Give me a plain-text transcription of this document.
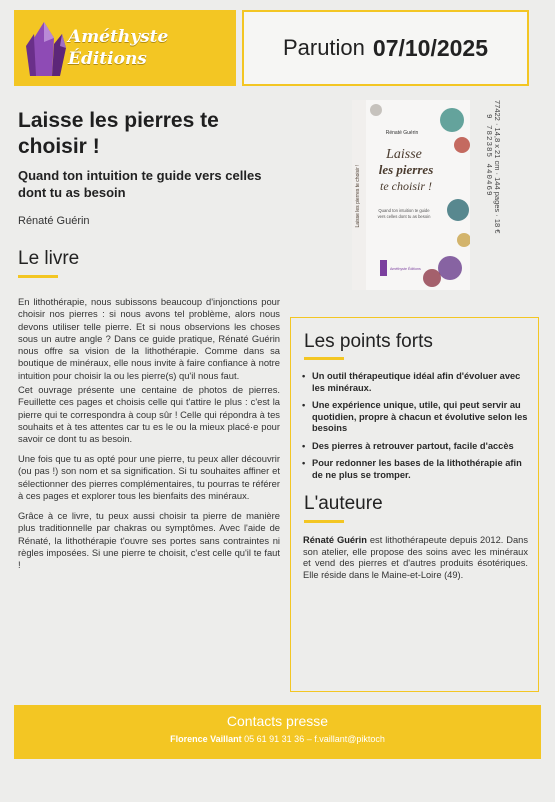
Améthyste
Éditions	Parution 07/10/2025
Laisse les pierres te choisir !
Quand ton intuition te guide vers celles dont tu as besoin
Rénaté Guérin
Le livre

En lithothérapie, nous subissons beaucoup d'injonctions pour choisir nos pierres : si nous avons tel problème, alors nous devons utiliser telle pierre. Et si nous observions les choses sous un autre angle ? Dans ce guide pratique, Rénaté Guérin nous offre sa vision de la lithothérapie. Comme dans sa boutique de minéraux, elle nous invite à faire confiance à notre intuition pour choisir la ou les pierre(s) qu'il nous faut.

Cet ouvrage présente une centaine de photos de pierres. Feuillette ces pages et choisis celle qui t'attire le plus : c'est la pierre qui te correspondra à coup sûr ! Celle qui répondra à tes souhaits et à tes attentes car tu es le ou la mieux placé·e pour savoir ce dont tu as besoin.

Une fois que tu as opté pour une pierre, tu peux aller découvrir (ou pas !) son nom et sa signification. Si tu souhaites affiner et sélectionner des pierres complémentaires, tu pourras te référer à ces pages et explorer tous les bienfaits des minéraux.

Grâce à ce livre, tu peux aussi choisir ta pierre de manière plus traditionnelle par chakras ou symptômes. Avec l'aide de Rénaté, la lithothérapie t'ouvre ses portes sans contraintes ni règles imposées. Si une pierre te choisit, c'est celle qu'il te faut !

Laisse les pierres te choisir !
Rénaté Guérin
Laisse
les pierres
te choisir !
Quand ton intuition te guide
vers celles dont tu as besoin
Améthyste Éditions
77422 · 14,8 x 21 cm · 144 pages · 18 € 9 782385 440469
Les points forts
• Un outil thérapeutique idéal afin d'évoluer avec les minéraux.
• Une expérience unique, utile, qui peut servir au quotidien, propre à chacun et évolutive selon les besoins
• Des pierres à retrouver partout, facile d'accès
• Pour redonner les bases de la lithothérapie afin de ne plus se tromper.
L'auteure

Rénaté Guérin est lithothérapeute depuis 2012. Dans son atelier, elle propose des soins avec les minéraux et vend des pierres et d'autres produits ésotériques. Elle réside dans le Maine-et-Loire (49).

Contacts presse
Florence Vaillant 05 61 91 31 36 – f.vaillant@piktoch
